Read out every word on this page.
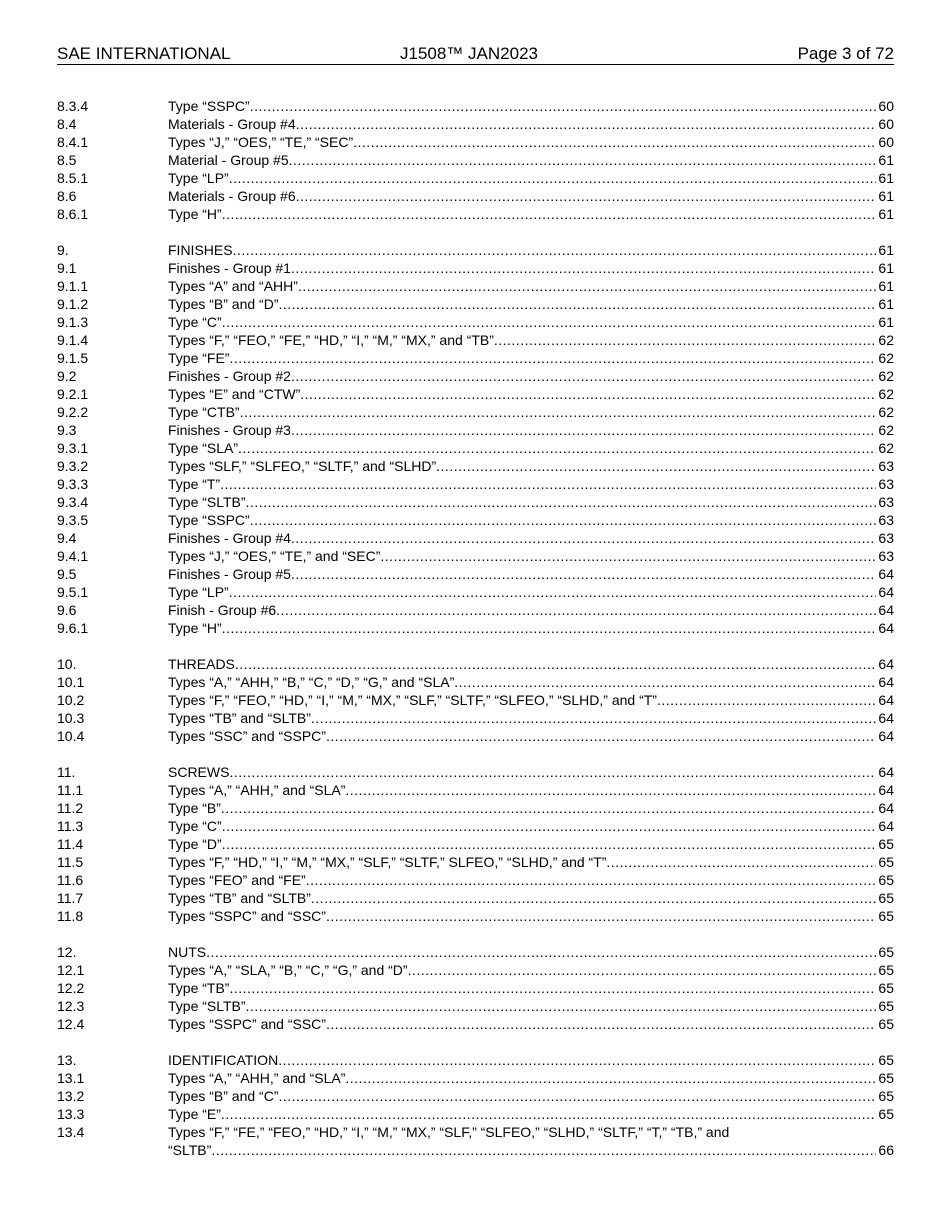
SAE INTERNATIONAL	J1508™ JAN2023	Page 3 of 72
8.3.4	Type “SSPC” .....	60
8.4	Materials - Group #4 .....	60
8.4.1	Types “J,” “OES,” “TE,” “SEC” .....	60
8.5	Material - Group #5 .....	61
8.5.1	Type “LP” .....	61
8.6	Materials - Group #6 .....	61
8.6.1	Type “H” .....	61
9.	FINISHES .....	61
9.1	Finishes - Group #1 .....	61
9.1.1	Types “A” and “AHH” .....	61
9.1.2	Types “B” and “D” .....	61
9.1.3	Type “C” .....	61
9.1.4	Types “F,” “FEO,” “FE,” “HD,” “I,” “M,” “MX,” and “TB” .....	62
9.1.5	Type “FE” .....	62
9.2	Finishes - Group #2 .....	62
9.2.1	Types “E” and “CTW” .....	62
9.2.2	Type “CTB” .....	62
9.3	Finishes - Group #3 .....	62
9.3.1	Type “SLA” .....	62
9.3.2	Types “SLF,” “SLFEO,” “SLTF,” and “SLHD” .....	63
9.3.3	Type “T” .....	63
9.3.4	Type “SLTB” .....	63
9.3.5	Type “SSPC” .....	63
9.4	Finishes - Group #4 .....	63
9.4.1	Types “J,” “OES,” “TE,” and “SEC” .....	63
9.5	Finishes - Group #5 .....	64
9.5.1	Type “LP” .....	64
9.6	Finish - Group #6 .....	64
9.6.1	Type “H” .....	64
10.	THREADS .....	64
10.1	Types “A,” “AHH,” “B,” “C,” “D,” “G,” and “SLA” .....	64
10.2	Types “F,” “FEO,” “HD,” “I,” “M,” “MX,” “SLF,” “SLTF,” “SLFEO,” “SLHD,” and “T” .....	64
10.3	Types “TB” and “SLTB” .....	64
10.4	Types “SSC” and “SSPC” .....	64
11.	SCREWS .....	64
11.1	Types “A,” “AHH,” and “SLA” .....	64
11.2	Type “B” .....	64
11.3	Type “C” .....	64
11.4	Type “D” .....	65
11.5	Types “F,” “HD,” “I,” “M,” “MX,” “SLF,” “SLTF,” SLFEO,” “SLHD,” and “T” .....	65
11.6	Types “FEO” and “FE” .....	65
11.7	Types “TB” and “SLTB” .....	65
11.8	Types “SSPC” and “SSC” .....	65
12.	NUTS .....	65
12.1	Types “A,” “SLA,” “B,” “C,” “G,” and “D” .....	65
12.2	Type “TB” .....	65
12.3	Type “SLTB” .....	65
12.4	Types “SSPC” and “SSC” .....	65
13.	IDENTIFICATION .....	65
13.1	Types “A,” “AHH,” and “SLA” .....	65
13.2	Types “B” and “C” .....	65
13.3	Type “E” .....	65
13.4	Types “F,” “FE,” “FEO,” “HD,” “I,” “M,” “MX,” “SLF,” “SLFEO,” “SLHD,” “SLTF,” “T,” “TB,” and
“SLTB” .....	66
